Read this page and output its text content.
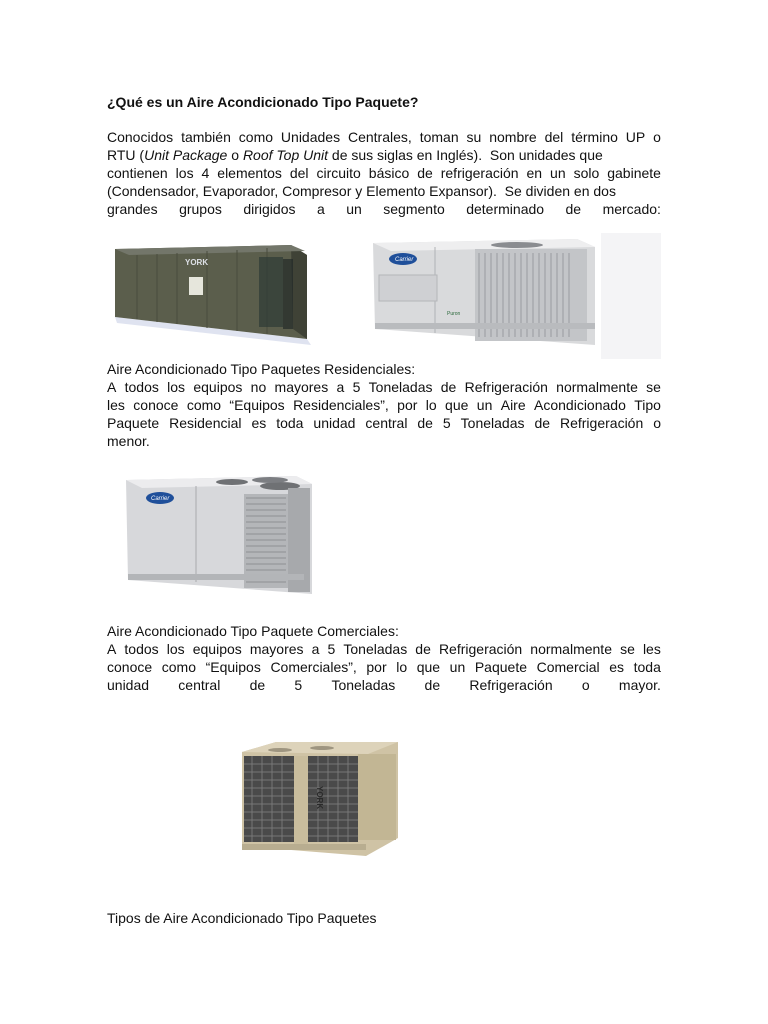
¿Qué es un Aire Acondicionado Tipo Paquete?
Conocidos también como Unidades Centrales, toman su nombre del término UP o
RTU (Unit Package o Roof Top Unit de sus siglas en Inglés).  Son unidades que
contienen los 4 elementos del circuito básico de refrigeración en un solo gabinete
(Condensador, Evaporador, Compresor y Elemento Expansor).  Se dividen en dos
grandes grupos dirigidos a un segmento determinado de mercado:
YORK	Carrier
Puron
Aire Acondicionado Tipo Paquetes Residenciales:
A todos los equipos no mayores a 5 Toneladas de Refrigeración normalmente se
les conoce como “Equipos Residenciales”, por lo que un Aire Acondicionado Tipo
Paquete Residencial es toda unidad central de 5 Toneladas de Refrigeración o
menor.
Carrier
Aire Acondicionado Tipo Paquete Comerciales:
A todos los equipos mayores a 5 Toneladas de Refrigeración normalmente se les
conoce como “Equipos Comerciales”, por lo que un Paquete Comercial es toda
unidad central de 5 Toneladas de Refrigeración o mayor.
YORK
Tipos de Aire Acondicionado Tipo Paquetes
